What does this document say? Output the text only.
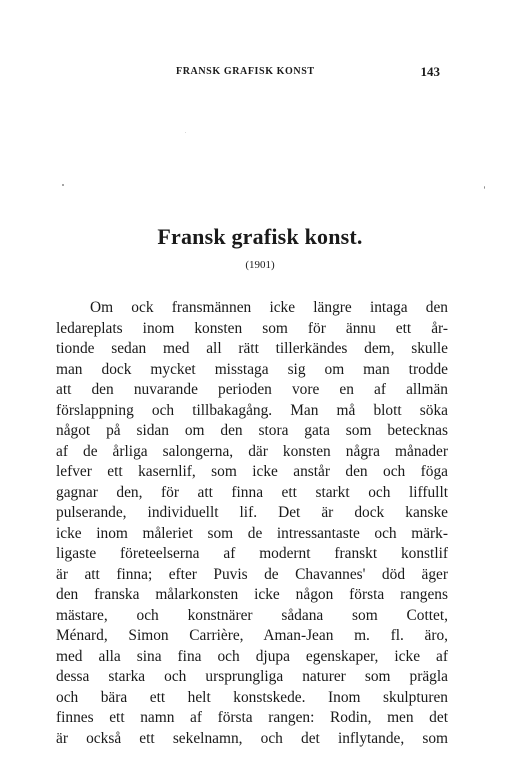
FRANSK GRAFISK KONST	143
Fransk grafisk konst.
(1901)
Om ock fransmännen icke längre intaga den
ledareplats inom konsten som för ännu ett år-
tionde sedan med all rätt tillerkändes dem, skulle
man dock mycket misstaga sig om man trodde
att den nuvarande perioden vore en af allmän
förslappning och tillbakagång. Man må blott söka
något på sidan om den stora gata som betecknas
af de årliga salongerna, där konsten några månader
lefver ett kasernlif, som icke anstår den och föga
gagnar den, för att finna ett starkt och liffullt
pulserande, individuellt lif. Det är dock kanske
icke inom måleriet som de intressantaste och märk-
ligaste företeelserna af modernt franskt konstlif
är att finna; efter Puvis de Chavannes' död äger
den franska målarkonsten icke någon första rangens
mästare, och konstnärer sådana som Cottet,
Ménard, Simon Carrière, Aman-Jean m. fl. äro,
med alla sina fina och djupa egenskaper, icke af
dessa starka och ursprungliga naturer som prägla
och bära ett helt konstskede. Inom skulpturen
finnes ett namn af första rangen: Rodin, men det
är också ett sekelnamn, och det inflytande, som
